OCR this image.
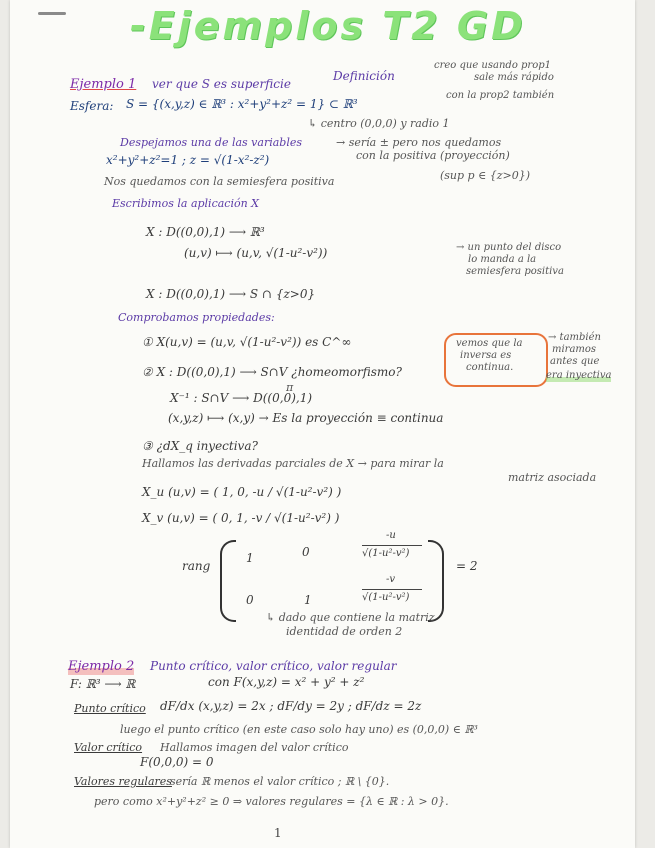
-Ejemplos T2 GD
Ejemplo 1 ver que S es superficie
Definición
creo que usando prop1
sale más rápido
con la prop2 también
Esfera: S = {(x,y,z) ∈ ℝ³ : x²+y²+z² = 1} ⊂ ℝ³
↳ centro (0,0,0) y radio 1
Despejamos una de las variables	→ sería ± pero nos quedamos
con la positiva (proyección)
x²+y²+z²=1 ; z = √(1-x²-z²)
Nos quedamos con la semiesfera positiva	(sup p ∈ {z>0})
Escribimos la aplicación X
X : D((0,0),1) ⟶ ℝ³
(u,v) ⟼ (u,v, √(1-u²-v²))	→ un punto del disco
lo manda a la
semiesfera positiva
X : D((0,0),1) ⟶ S ∩ {z>0}
Comprobamos propiedades:
① X(u,v) = (u,v, √(1-u²-v²)) es C^∞
② X : D((0,0),1) ⟶ S∩V ¿homeomorfismo?
vemos que la
inversa es
continua.
→ también
miramos
antes que
era inyectiva
X⁻¹ : S∩V ⟶ D((0,0),1)
π
(x,y,z) ⟼ (x,y) → Es la proyección ≡ continua
③ ¿dX_q inyectiva?
Hallamos las derivadas parciales de X → para mirar la
matriz asociada
X_u (u,v) = ( 1, 0, -u / √(1-u²-v²) )
X_v (u,v) = ( 0, 1, -v / √(1-u²-v²) )
rang
1	0
-u
√(1-u²-v²)
0	1
-v
√(1-u²-v²)
= 2
↳ dado que contiene la matriz
identidad de orden 2
Ejemplo 2 Punto crítico, valor crítico, valor regular
F: ℝ³ ⟶ ℝ	con F(x,y,z) = x² + y² + z²
Punto crítico dF/dx (x,y,z) = 2x ; dF/dy = 2y ; dF/dz = 2z
luego el punto crítico (en este caso solo hay uno) es (0,0,0) ∈ ℝ³
Valor crítico Hallamos imagen del valor crítico
F(0,0,0) = 0
Valores regulares
sería ℝ menos el valor crítico ; ℝ \ {0}.
pero como x²+y²+z² ≥ 0 ⇒ valores regulares = {λ ∈ ℝ : λ > 0}.
1
